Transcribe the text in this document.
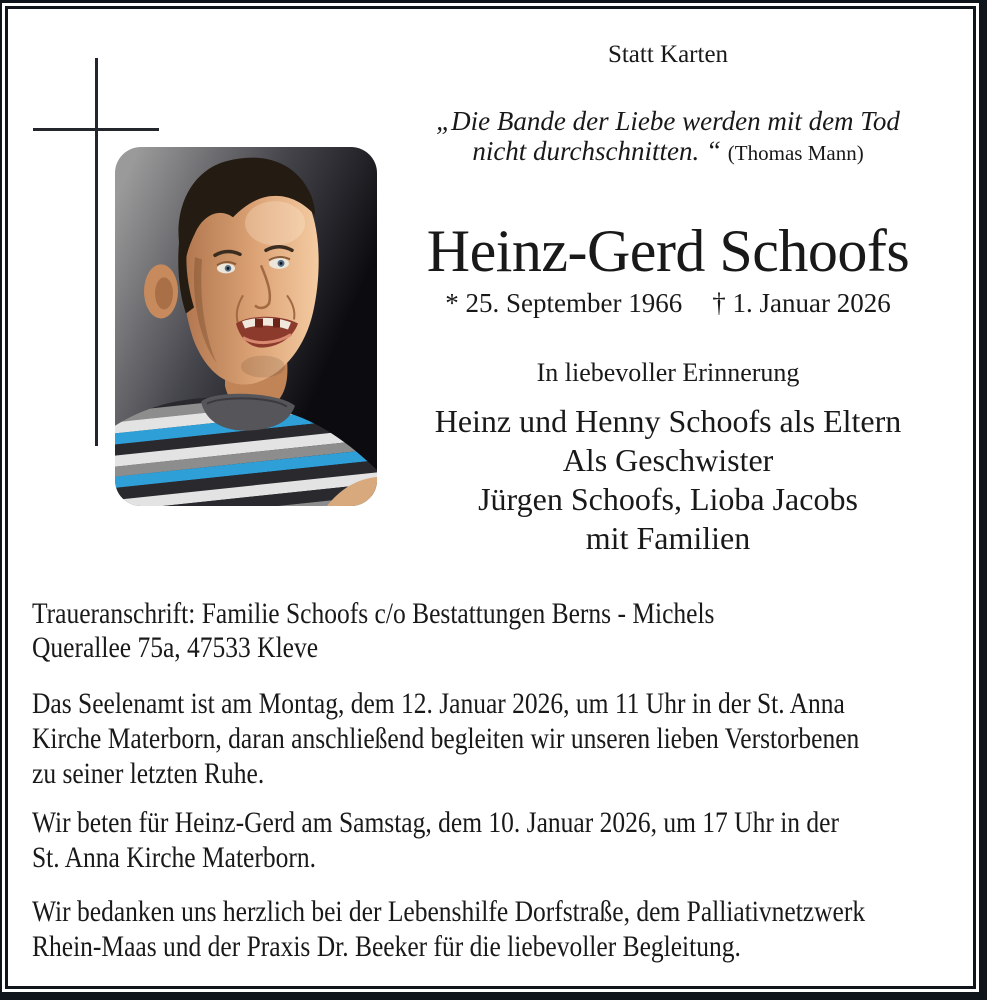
Statt Karten
„Die Bande der Liebe werden mit dem Tod
nicht durchschnitten. “ (Thomas Mann)
Heinz-Gerd Schoofs
* 25. September 1966 † 1. Januar 2026
In liebevoller Erinnerung
Heinz und Henny Schoofs als Eltern
Als Geschwister
Jürgen Schoofs, Lioba Jacobs
mit Familien
Traueranschrift: Familie Schoofs c/o Bestattungen Berns - Michels
Querallee 75a, 47533 Kleve
Das Seelenamt ist am Montag, dem 12. Januar 2026, um 11 Uhr in der St. Anna
Kirche Materborn, daran anschließend begleiten wir unseren lieben Verstorbenen
zu seiner letzten Ruhe.
Wir beten für Heinz-Gerd am Samstag, dem 10. Januar 2026, um 17 Uhr in der
St. Anna Kirche Materborn.
Wir bedanken uns herzlich bei der Lebenshilfe Dorfstraße, dem Palliativnetzwerk
Rhein-Maas und der Praxis Dr. Beeker für die liebevoller Begleitung.
